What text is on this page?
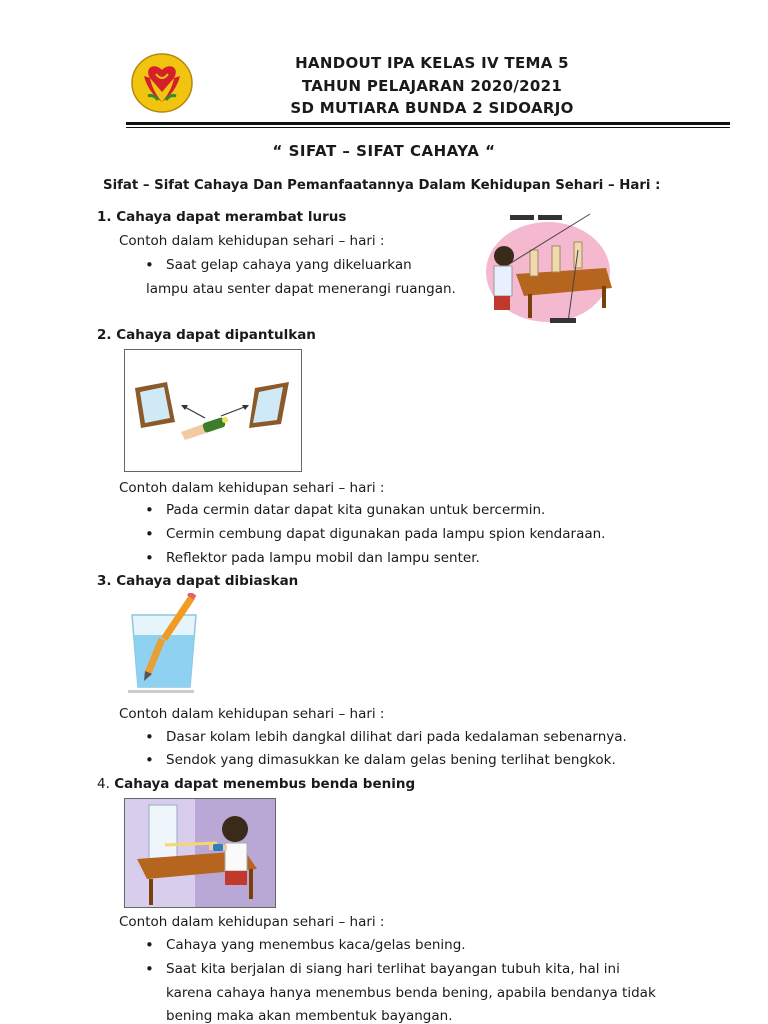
HANDOUT IPA KELAS IV TEMA 5
TAHUN PELAJARAN 2020/2021
SD MUTIARA BUNDA 2 SIDOARJO
“ SIFAT – SIFAT CAHAYA “
Sifat – Sifat Cahaya Dan Pemanfaatannya Dalam Kehidupan Sehari – Hari :
1. Cahaya dapat merambat lurus
Contoh dalam kehidupan sehari – hari :
• Saat gelap cahaya yang dikeluarkan
lampu atau senter dapat menerangi ruangan.
2. Cahaya dapat dipantulkan
Contoh dalam kehidupan sehari – hari :
• Pada cermin datar dapat kita gunakan untuk bercermin.
• Cermin cembung dapat digunakan pada lampu spion kendaraan.
• Reflektor pada lampu mobil dan lampu senter.
3. Cahaya dapat dibiaskan
Contoh dalam kehidupan sehari – hari :
• Dasar kolam lebih dangkal dilihat dari pada kedalaman sebenarnya.
• Sendok yang dimasukkan ke dalam gelas bening terlihat bengkok.
4. Cahaya dapat menembus benda bening
Contoh dalam kehidupan sehari – hari :
• Cahaya yang menembus kaca/gelas bening.
• Saat kita berjalan di siang hari terlihat bayangan tubuh kita, hal ini
karena cahaya hanya menembus benda bening, apabila bendanya tidak
bening maka akan membentuk bayangan.
